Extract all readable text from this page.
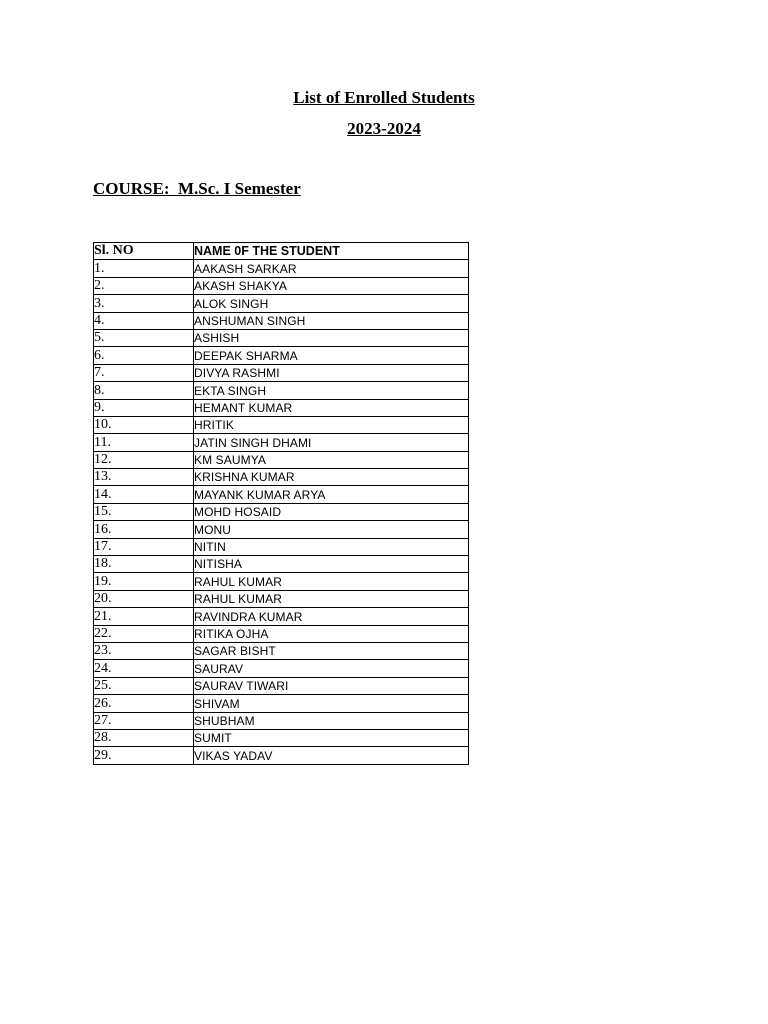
List of Enrolled Students
2023-2024
COURSE:  M.Sc. I Semester
Sl. NO	NAME 0F THE STUDENT
1.	AAKASH SARKAR
2.	AKASH SHAKYA
3.	ALOK SINGH
4.	ANSHUMAN SINGH
5.	ASHISH
6.	DEEPAK SHARMA
7.	DIVYA RASHMI
8.	EKTA SINGH
9.	HEMANT KUMAR
10.	HRITIK
11.	JATIN SINGH DHAMI
12.	KM SAUMYA
13.	KRISHNA KUMAR
14.	MAYANK KUMAR ARYA
15.	MOHD HOSAID
16.	MONU
17.	NITIN
18.	NITISHA
19.	RAHUL KUMAR
20.	RAHUL KUMAR
21.	RAVINDRA KUMAR
22.	RITIKA OJHA
23.	SAGAR BISHT
24.	SAURAV
25.	SAURAV TIWARI
26.	SHIVAM
27.	SHUBHAM
28.	SUMIT
29.	VIKAS YADAV
